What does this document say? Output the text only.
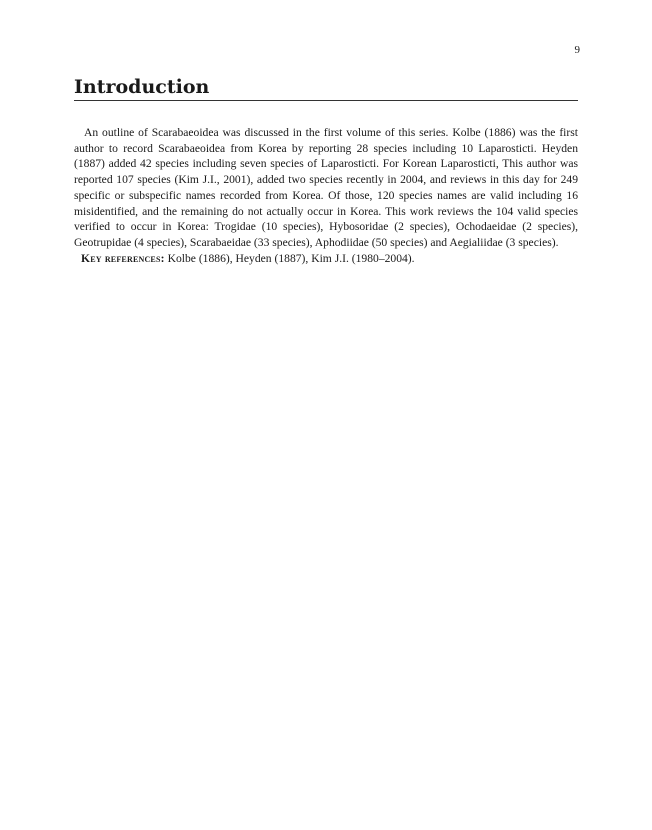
9
Introduction

An outline of Scarabaeoidea was discussed in the first volume of this series. Kolbe (1886) was the first author to record Scarabaeoidea from Korea by reporting 28 species including 10 Laparosticti. Heyden (1887) added 42 species including seven species of Laparosticti. For Korean Laparosticti, This author was reported 107 species (Kim J.I., 2001), added two species recently in 2004, and reviews in this day for 249 specific or subspecific names recorded from Korea. Of those, 120 species names are valid including 16 misidentified, and the remaining do not actually occur in Korea. This work reviews the 104 valid species verified to occur in Korea: Trogidae (10 species), Hybosoridae (2 species), Ochodaeidae (2 species), Geotrupidae (4 species), Scarabaeidae (33 species), Aphodiidae (50 species) and Aegialiidae (3 species).

Key references: Kolbe (1886), Heyden (1887), Kim J.I. (1980–2004).
